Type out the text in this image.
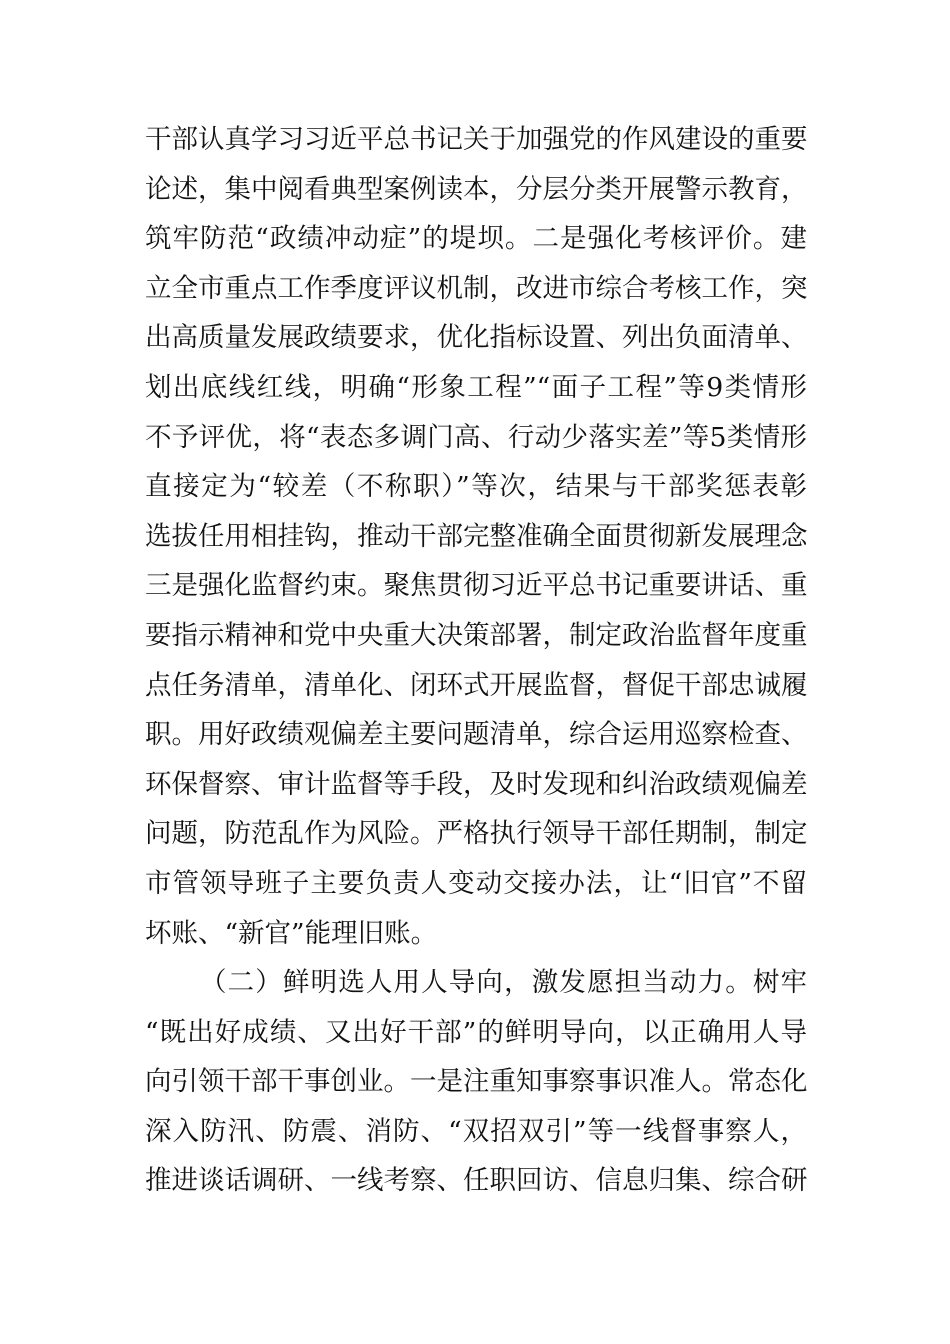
干部认真学习习近平总书记关于加强党的作风建设的重要
论述，集中阅看典型案例读本，分层分类开展警示教育，
筑牢防范“政绩冲动症”的堤坝。二是强化考核评价。建
立全市重点工作季度评议机制，改进市综合考核工作，突
出高质量发展政绩要求，优化指标设置、列出负面清单、
划出底线红线，明确“形象工程”“面子工程”等9类情形
不予评优，将“表态多调门高、行动少落实差”等5类情形
直接定为“较差（不称职）”等次，结果与干部奖惩表彰
选拔任用相挂钩，推动干部完整准确全面贯彻新发展理念
三是强化监督约束。聚焦贯彻习近平总书记重要讲话、重
要指示精神和党中央重大决策部署，制定政治监督年度重
点任务清单，清单化、闭环式开展监督，督促干部忠诚履
职。用好政绩观偏差主要问题清单，综合运用巡察检查、
环保督察、审计监督等手段，及时发现和纠治政绩观偏差
问题，防范乱作为风险。严格执行领导干部任期制，制定
市管领导班子主要负责人变动交接办法，让“旧官”不留
坏账、“新官”能理旧账。
（二）鲜明选人用人导向，激发愿担当动力。树牢
“既出好成绩、又出好干部”的鲜明导向，以正确用人导
向引领干部干事创业。一是注重知事察事识准人。常态化
深入防汛、防震、消防、“双招双引”等一线督事察人，
推进谈话调研、一线考察、任职回访、信息归集、综合研
